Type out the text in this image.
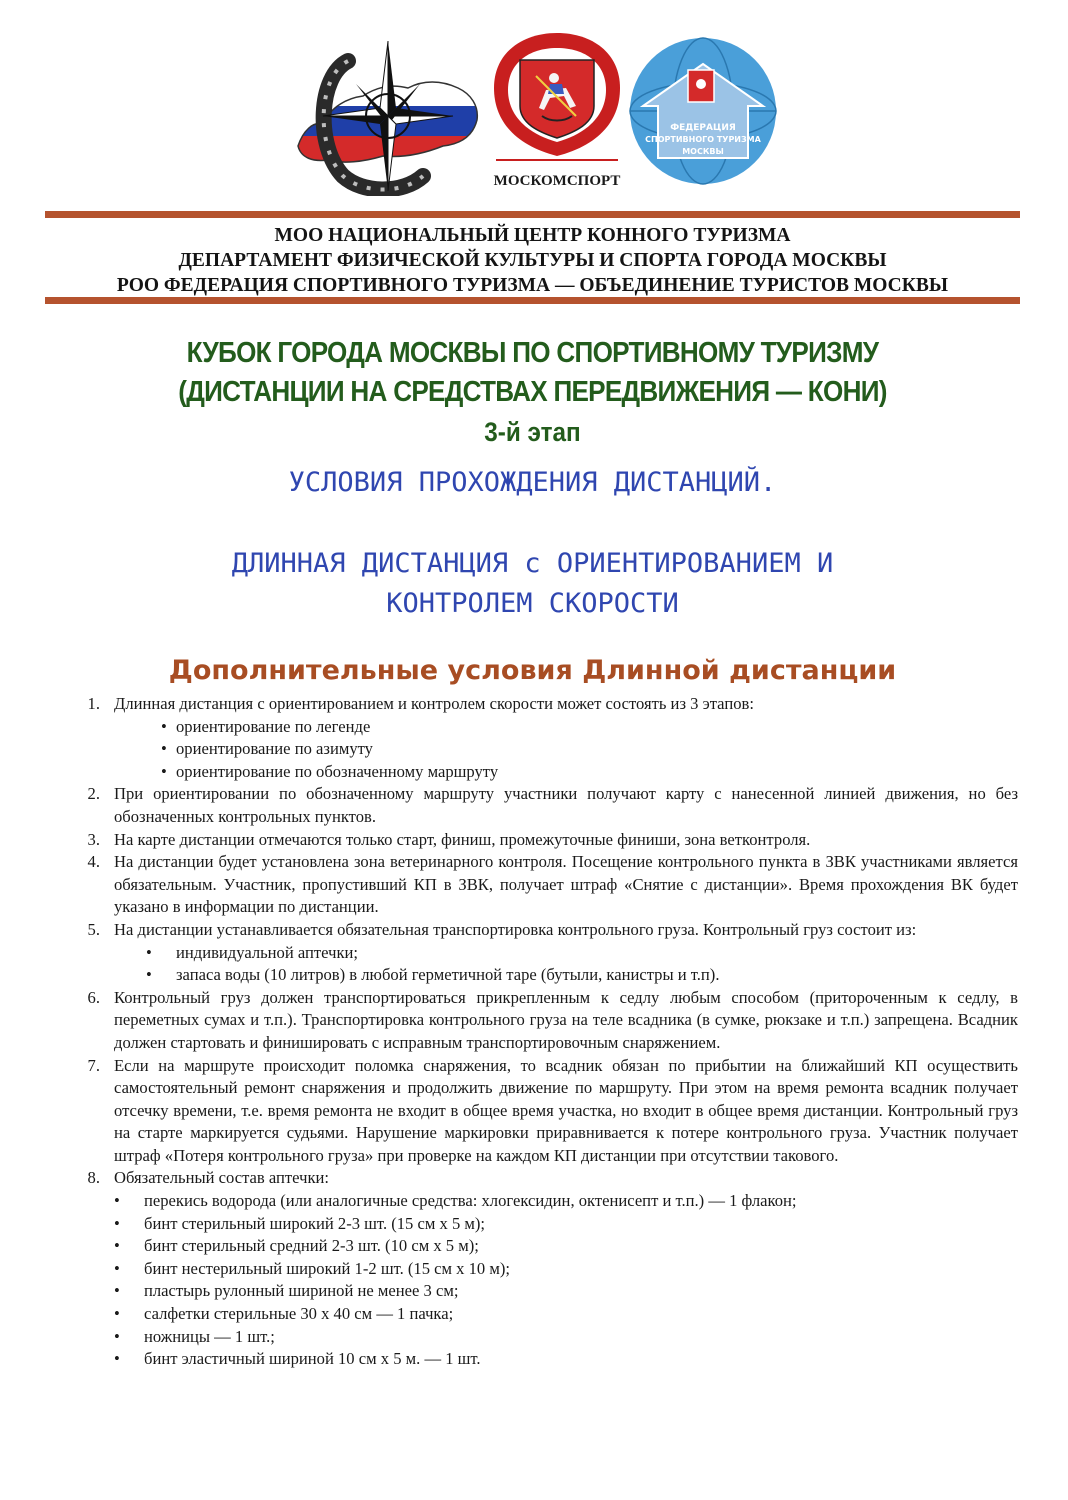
МОСКОМСПОРТ
ФЕДЕРАЦИЯ
СПОРТИВНОГО ТУРИЗМА
МОСКВЫ
МОО НАЦИОНАЛЬНЫЙ ЦЕНТР КОННОГО ТУРИЗМА
ДЕПАРТАМЕНТ ФИЗИЧЕСКОЙ КУЛЬТУРЫ И СПОРТА ГОРОДА МОСКВЫ
РОО ФЕДЕРАЦИЯ СПОРТИВНОГО ТУРИЗМА — ОБЪЕДИНЕНИЕ ТУРИСТОВ МОСКВЫ
КУБОК ГОРОДА МОСКВЫ ПО СПОРТИВНОМУ ТУРИЗМУ
(ДИСТАНЦИИ НА СРЕДСТВАХ ПЕРЕДВИЖЕНИЯ — КОНИ)
3-й этап
УСЛОВИЯ ПРОХОЖДЕНИЯ ДИСТАНЦИЙ.
ДЛИННАЯ ДИСТАНЦИЯ с ОРИЕНТИРОВАНИЕМ И
КОНТРОЛЕМ СКОРОСТИ
Дополнительные условия Длинной дистанции
1. Длинная дистанция с ориентированием и контролем скорости может состоять из 3 этапов:
• ориентирование по легенде
• ориентирование по азимуту
• ориентирование по обозначенному маршруту
2. При ориентировании по обозначенному маршруту участники получают карту с нанесенной линией движения, но без обозначенных контрольных пунктов.
3. На карте дистанции отмечаются только старт, финиш, промежуточные финиши, зона ветконтроля.
4. На дистанции будет установлена зона ветеринарного контроля. Посещение контрольного пункта в ЗВК участниками является обязательным. Участник, пропустивший КП в ЗВК, получает штраф «Снятие с дистанции». Время прохождения ВК будет указано в информации по дистанции.
5. На дистанции устанавливается обязательная транспортировка контрольного груза. Контрольный груз состоит из:
• индивидуальной аптечки;
• запаса воды (10 литров) в любой герметичной таре (бутыли, канистры и т.п).
6. Контрольный груз должен транспортироваться прикрепленным к седлу любым способом (притороченным к седлу, в переметных сумах и т.п.). Транспортировка контрольного груза на теле всадника (в сумке, рюкзаке и т.п.) запрещена. Всадник должен стартовать и финишировать с исправным транспортировочным снаряжением.
7. Если на маршруте происходит поломка снаряжения, то всадник обязан по прибытии на ближайший КП осуществить самостоятельный ремонт снаряжения и продолжить движение по маршруту. При этом на время ремонта всадник получает отсечку времени, т.е. время ремонта не входит в общее время участка, но входит в общее время дистанции. Контрольный груз на старте маркируется судьями. Нарушение маркировки приравнивается к потере контрольного груза. Участник получает штраф «Потеря контрольного груза» при проверке на каждом КП дистанции при отсутствии такового.
8. Обязательный состав аптечки:
• перекись водорода (или аналогичные средства: хлогексидин, октенисепт и т.п.) — 1 флакон;
• бинт стерильный широкий 2-3 шт. (15 см х 5 м);
• бинт стерильный средний 2-3 шт. (10 см х 5 м);
• бинт нестерильный широкий 1-2 шт. (15 см х 10 м);
• пластырь рулонный шириной не менее 3 см;
• салфетки стерильные 30 х 40 см — 1 пачка;
• ножницы — 1 шт.;
• бинт эластичный шириной 10 см х 5 м. — 1 шт.
